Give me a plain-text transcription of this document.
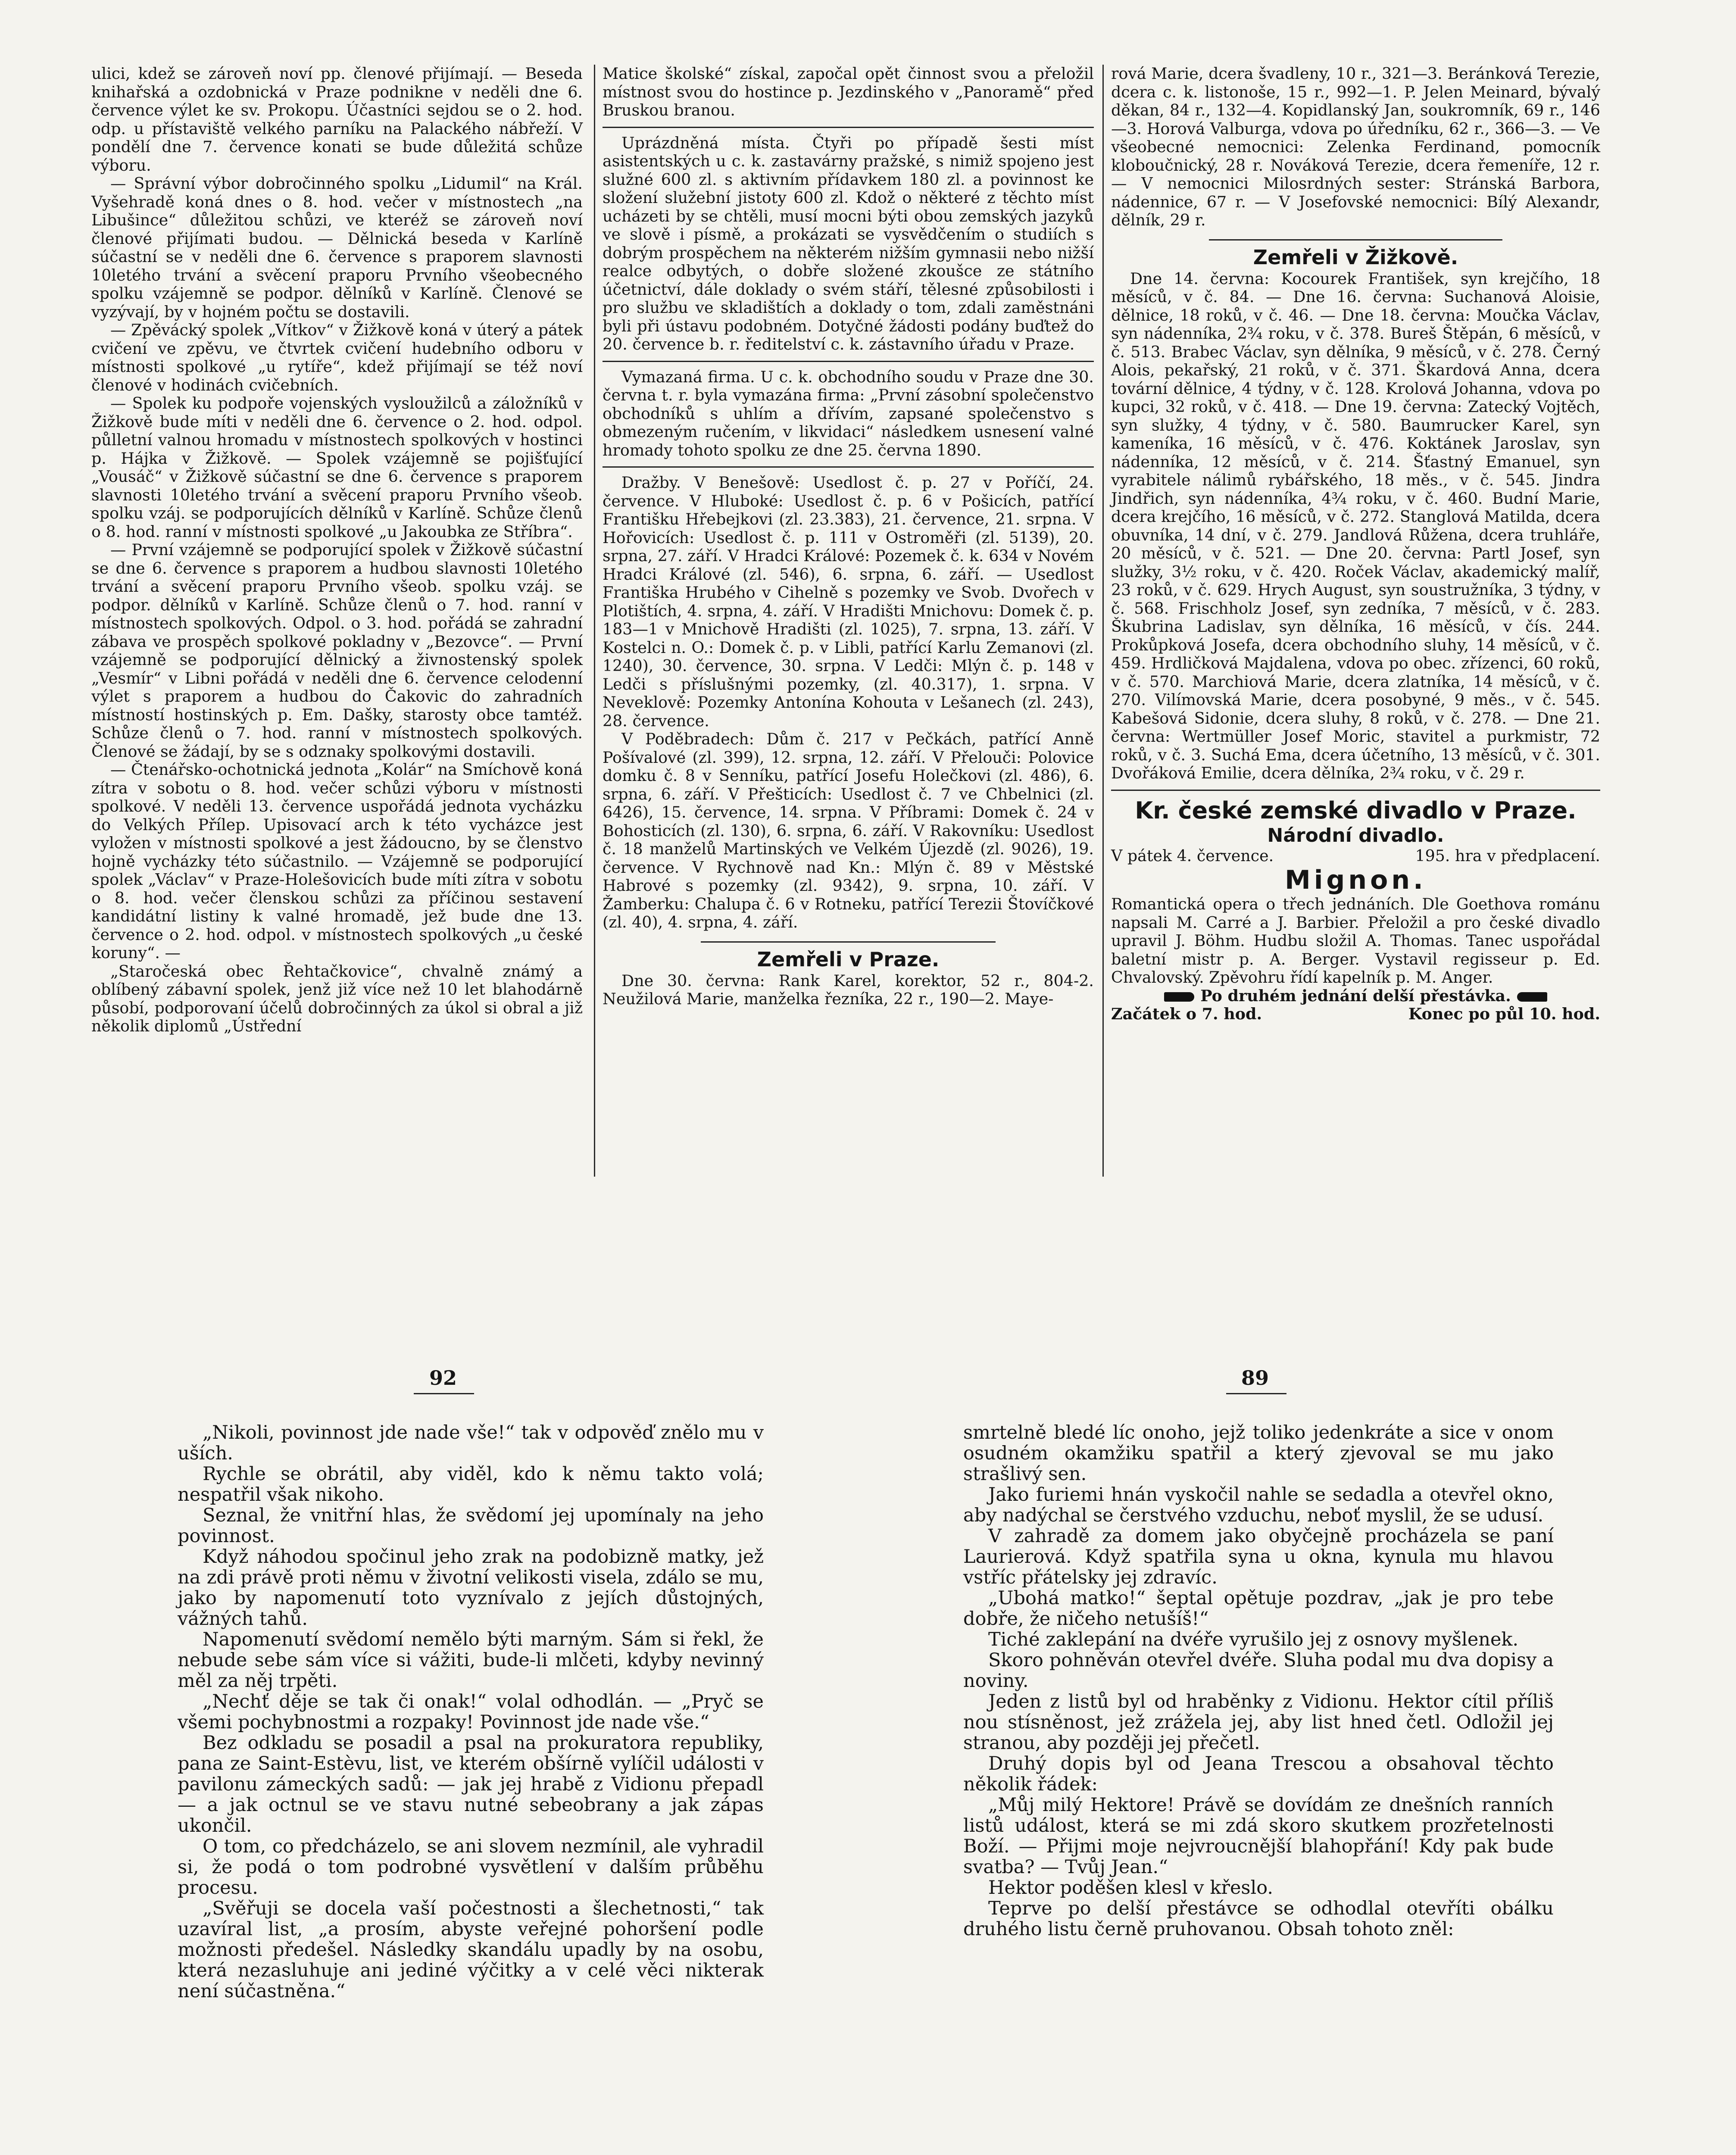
ulici, kdež se zároveň noví pp. členové přijímají. — Beseda knihařská a ozdobnická v Praze podnikne v neděli dne 6. července výlet ke sv. Prokopu. Účastníci sejdou se o 2. hod. odp. u přístaviště velkého parníku na Palackého nábřeží. V pondělí dne 7. července konati se bude důležitá schůze výboru.

— Správní výbor dobročinného spolku „Lidumil“ na Král. Vyšehradě koná dnes o 8. hod. večer v místnostech „na Libušince“ důležitou schůzi, ve kteréž se zároveň noví členové přijímati budou. — Dělnická beseda v Karlíně súčastní se v neděli dne 6. července s praporem slavnosti 10letého trvání a svěcení praporu Prvního všeobecného spolku vzájemně se podpor. dělníků v Karlíně. Členové se vyzývají, by v hojném počtu se dostavili.

— Zpěvácký spolek „Vítkov“ v Žižkově koná v úterý a pátek cvičení ve zpěvu, ve čtvrtek cvičení hudebního odboru v místnosti spolkové „u rytíře“, kdež přijímají se též noví členové v hodinách cvičebních.

— Spolek ku podpoře vojenských vysloužilců a záložníků v Žižkově bude míti v neděli dne 6. července o 2. hod. odpol. půlletní valnou hromadu v místnostech spolkových v hostinci p. Hájka v Žižkově. — Spolek vzájemně se pojišťující „Vousáč“ v Žižkově súčastní se dne 6. července s praporem slavnosti 10letého trvání a svěcení praporu Prvního všeob. spolku vzáj. se podporujících dělníků v Karlíně. Schůze členů o 8. hod. ranní v místnosti spolkové „u Jakoubka ze Stříbra“.

— První vzájemně se podporující spolek v Žižkově súčastní se dne 6. července s praporem a hudbou slavnosti 10letého trvání a svěcení praporu Prvního všeob. spolku vzáj. se podpor. dělníků v Karlíně. Schůze členů o 7. hod. ranní v místnostech spolkových. Odpol. o 3. hod. pořádá se zahradní zábava ve prospěch spolkové pokladny v „Bezovce“. — První vzájemně se podporující dělnický a živnostenský spolek „Vesmír“ v Libni pořádá v neděli dne 6. července celodenní výlet s praporem a hudbou do Čakovic do zahradních místností hostinských p. Em. Dašky, starosty obce tamtéž. Schůze členů o 7. hod. ranní v místnostech spolkových. Členové se žádají, by se s odznaky spolkovými dostavili.

— Čtenářsko-ochotnická jednota „Kolár“ na Smíchově koná zítra v sobotu o 8. hod. večer schůzi výboru v místnosti spolkové. V neděli 13. července uspořádá jednota vycházku do Velkých Přílep. Upisovací arch k této vycházce jest vyložen v místnosti spolkové a jest žádoucno, by se členstvo hojně vycházky této súčastnilo. — Vzájemně se podporující spolek „Václav“ v Praze-Holešovicích bude míti zítra v sobotu o 8. hod. večer členskou schůzi za příčinou sestavení kandidátní listiny k valné hromadě, jež bude dne 13. července o 2. hod. odpol. v místnostech spolkových „u české koruny“. —

„Staročeská obec Řehtačkovice“, chvalně známý a oblíbený zábavní spolek, jenž již více než 10 let blahodárně působí, podporovaní účelů dobročinných za úkol si obral a již několik diplomů „Ústřední

Matice školské“ získal, započal opět činnost svou a přeložil místnost svou do hostince p. Jezdinského v „Panoramě“ před Bruskou branou.

Uprázdněná místa. Čtyři po případě šesti míst asistentských u c. k. zastavárny pražské, s nimiž spojeno jest služné 600 zl. s aktivním přídavkem 180 zl. a povinnost ke složení služební jistoty 600 zl. Kdož o některé z těchto míst ucházeti by se chtěli, musí mocni býti obou zemských jazyků ve slově i písmě, a prokázati se vysvědčením o studiích s dobrým prospěchem na některém nižším gymnasii nebo nižší realce odbytých, o dobře složené zkoušce ze státního účetnictví, dále doklady o svém stáří, tělesné způsobilosti i pro službu ve skladištích a doklady o tom, zdali zaměstnáni byli při ústavu podobném. Dotyčné žádosti podány buďtež do 20. července b. r. ředitelství c. k. zástavního úřadu v Praze.

Vymazaná firma. U c. k. obchodního soudu v Praze dne 30. června t. r. byla vymazána firma: „První zásobní společenstvo obchodníků s uhlím a dřívím, zapsané společenstvo s obmezeným ručením, v likvidaci“ následkem usnesení valné hromady tohoto spolku ze dne 25. června 1890.

Dražby. V Benešově: Usedlost č. p. 27 v Poříčí, 24. července. V Hluboké: Usedlost č. p. 6 v Pošicích, patřící Františku Hřebejkovi (zl. 23.383), 21. července, 21. srpna. V Hořovicích: Usedlost č. p. 111 v Ostroměři (zl. 5139), 20. srpna, 27. září. V Hradci Králové: Pozemek č. k. 634 v Novém Hradci Králové (zl. 546), 6. srpna, 6. září. — Usedlost Františka Hrubého v Cihelně s pozemky ve Svob. Dvořech v Plotištích, 4. srpna, 4. září. V Hradišti Mnichovu: Domek č. p. 183—1 v Mnichově Hradišti (zl. 1025), 7. srpna, 13. září. V Kostelci n. O.: Domek č. p. v Libli, patřící Karlu Zemanovi (zl. 1240), 30. července, 30. srpna. V Ledči: Mlýn č. p. 148 v Ledči s příslušnými pozemky, (zl. 40.317), 1. srpna. V Neveklově: Pozemky Antonína Kohouta v Lešanech (zl. 243), 28. července.

V Poděbradech: Dům č. 217 v Pečkách, patřící Anně Pošívalové (zl. 399), 12. srpna, 12. září. V Přelouči: Polovice domku č. 8 v Senníku, patřící Josefu Holečkovi (zl. 486), 6. srpna, 6. září. V Přešticích: Usedlost č. 7 ve Chbelnici (zl. 6426), 15. července, 14. srpna. V Příbrami: Domek č. 24 v Bohosticích (zl. 130), 6. srpna, 6. září. V Rakovníku: Usedlost č. 18 manželů Martinských ve Velkém Újezdě (zl. 9026), 19. července. V Rychnově nad Kn.: Mlýn č. 89 v Městské Habrové s pozemky (zl. 9342), 9. srpna, 10. září. V Žamberku: Chalupa č. 6 v Rotneku, patřící Terezii Štovíčkové (zl. 40), 4. srpna, 4. září.

Zemřeli v Praze.

Dne 30. června: Rank Karel, korektor, 52 r., 804-2. Neužilová Marie, manželka řezníka, 22 r., 190—2. Maye-

rová Marie, dcera švadleny, 10 r., 321—3. Beránková Terezie, dcera c. k. listonoše, 15 r., 992—1. P. Jelen Meinard, bývalý děkan, 84 r., 132—4. Kopidlanský Jan, soukromník, 69 r., 146—3. Horová Valburga, vdova po úředníku, 62 r., 366—3. — Ve všeobecné nemocnici: Zelenka Ferdinand, pomocník kloboučnický, 28 r. Nováková Terezie, dcera řemeníře, 12 r. — V nemocnici Milosrdných sester: Stránská Barbora, nádennice, 67 r. — V Josefovské nemocnici: Bílý Alexandr, dělník, 29 r.

Zemřeli v Žižkově.

Dne 14. června: Kocourek František, syn krejčího, 18 měsíců, v č. 84. — Dne 16. června: Suchanová Aloisie, dělnice, 18 roků, v č. 46. — Dne 18. června: Moučka Václav, syn nádenníka, 2¾ roku, v č. 378. Bureš Štěpán, 6 měsíců, v č. 513. Brabec Václav, syn dělníka, 9 měsíců, v č. 278. Černý Alois, pekařský, 21 roků, v č. 371. Škardová Anna, dcera tovární dělnice, 4 týdny, v č. 128. Krolová Johanna, vdova po kupci, 32 roků, v č. 418. — Dne 19. června: Zatecký Vojtěch, syn služky, 4 týdny, v č. 580. Baumrucker Karel, syn kameníka, 16 měsíců, v č. 476. Koktánek Jaroslav, syn nádenníka, 12 měsíců, v č. 214. Šťastný Emanuel, syn vyrabitele nálimů rybářského, 18 měs., v č. 545. Jindra Jindřich, syn nádenníka, 4¾ roku, v č. 460. Budní Marie, dcera krejčího, 16 měsíců, v č. 272. Stanglová Matilda, dcera obuvníka, 14 dní, v č. 279. Jandlová Růžena, dcera truhláře, 20 měsíců, v č. 521. — Dne 20. června: Partl Josef, syn služky, 3½ roku, v č. 420. Roček Václav, akademický malíř, 23 roků, v č. 629. Hrych August, syn soustružníka, 3 týdny, v č. 568. Frischholz Josef, syn zedníka, 7 měsíců, v č. 283. Škubrina Ladislav, syn dělníka, 16 měsíců, v čís. 244. Prokůpková Josefa, dcera obchodního sluhy, 14 měsíců, v č. 459. Hrdličková Majdalena, vdova po obec. zřízenci, 60 roků, v č. 570. Marchiová Marie, dcera zlatníka, 14 měsíců, v č. 270. Vilímovská Marie, dcera posobyné, 9 měs., v č. 545. Kabešová Sidonie, dcera sluhy, 8 roků, v č. 278. — Dne 21. června: Wertmüller Josef Moric, stavitel a purkmistr, 72 roků, v č. 3. Suchá Ema, dcera účetního, 13 měsíců, v č. 301. Dvořáková Emilie, dcera dělníka, 2¾ roku, v č. 29 r.

Kr. české zemské divadlo v Praze.
Národní divadlo.
V pátek 4. července.	195. hra v předplacení.
Mignon.

Romantická opera o třech jednáních. Dle Goethova románu napsali M. Carré a J. Barbier. Přeložil a pro české divadlo upravil J. Böhm. Hudbu složil A. Thomas. Tanec uspořádal baletní mistr p. A. Berger. Vystavil regisseur p. Ed. Chvalovský. Zpěvohru řídí kapelník p. M. Anger.

Po druhém jednání delší přestávka.
Začátek o 7. hod.	Konec po půl 10. hod.
92	89

„Nikoli, povinnost jde nade vše!“ tak v odpověď znělo mu v uších.

Rychle se obrátil, aby viděl, kdo k němu takto volá; nespatřil však nikoho.

Seznal, že vnitřní hlas, že svědomí jej upomínaly na jeho povinnost.

Když náhodou spočinul jeho zrak na podobizně matky, jež na zdi právě proti němu v životní velikosti visela, zdálo se mu, jako by napomenutí toto vyznívalo z jejích důstojných, vážných tahů.

Napomenutí svědomí nemělo býti marným. Sám si řekl, že nebude sebe sám více si vážiti, bude-li mlčeti, kdyby nevinný měl za něj trpěti.

„Nechť děje se tak či onak!“ volal odhodlán. — „Pryč se všemi pochybnostmi a rozpaky! Povinnost jde nade vše.“

Bez odkladu se posadil a psal na prokuratora republiky, pana ze Saint-Estèvu, list, ve kterém obšírně vylíčil události v pavilonu zámeckých sadů: — jak jej hrabě z Vidionu přepadl — a jak octnul se ve stavu nutné sebeobrany a jak zápas ukončil.

O tom, co předcházelo, se ani slovem nezmínil, ale vyhradil si, že podá o tom podrobné vysvětlení v dalším průběhu procesu.

„Svěřuji se docela vaší počestnosti a šlechetnosti,“ tak uzavíral list, „a prosím, abyste veřejné pohoršení podle možnosti předešel. Následky skandálu upadly by na osobu, která nezasluhuje ani jediné výčitky a v celé věci nikterak není súčastněna.“

smrtelně bledé líc onoho, jejž toliko jedenkráte a sice v onom osudném okamžiku spatřil a který zjevoval se mu jako strašlivý sen.

Jako furiemi hnán vyskočil nahle se sedadla a otevřel okno, aby nadýchal se čerstvého vzduchu, neboť myslil, že se udusí.

V zahradě za domem jako obyčejně procházela se paní Laurierová. Když spatřila syna u okna, kynula mu hlavou vstříc přátelsky jej zdravíc.

„Ubohá matko!“ šeptal opětuje pozdrav, „jak je pro tebe dobře, že ničeho netušíš!“

Tiché zaklepání na dvéře vyrušilo jej z osnovy myšlenek.

Skoro pohněván otevřel dvéře. Sluha podal mu dva dopisy a noviny.

Jeden z listů byl od hraběnky z Vidionu. Hektor cítil příliš nou stísněnost, jež zrážela jej, aby list hned četl. Odložil jej stranou, aby později jej přečetl.

Druhý dopis byl od Jeana Trescou a obsahoval těchto několik řádek:

„Můj milý Hektore! Právě se dovídám ze dnešních ranních listů událost, která se mi zdá skoro skutkem prozřetelnosti Boží. — Přijmi moje nejvroucnější blahopřání! Kdy pak bude svatba? — Tvůj Jean.“

Hektor poděšen klesl v křeslo.

Teprve po delší přestávce se odhodlal otevříti obálku druhého listu černě pruhovanou. Obsah tohoto zněl:
